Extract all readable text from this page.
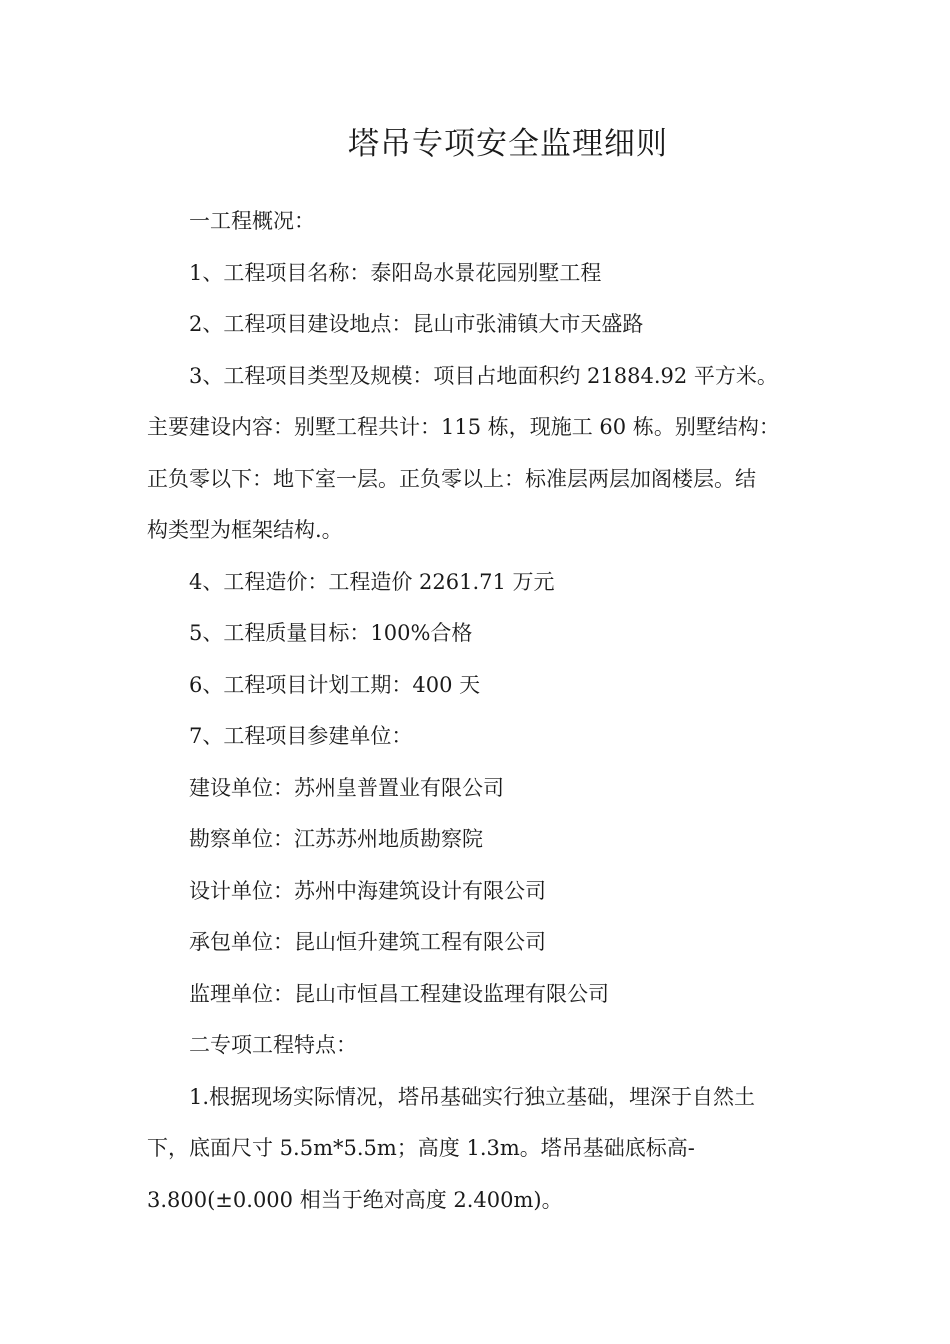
塔吊专项安全监理细则

一工程概况：

1、工程项目名称：泰阳岛水景花园别墅工程

2、工程项目建设地点：昆山市张浦镇大市天盛路

3、工程项目类型及规模：项目占地面积约 21884.92 平方米。

主要建设内容：别墅工程共计：115 栋，现施工 60 栋。别墅结构：

正负零以下：地下室一层。正负零以上：标准层两层加阁楼层。结

构类型为框架结构.。

4、工程造价：工程造价 2261.71 万元

5、工程质量目标：100%合格

6、工程项目计划工期：400 天

7、工程项目参建单位：

建设单位：苏州皇普置业有限公司

勘察单位：江苏苏州地质勘察院

设计单位：苏州中海建筑设计有限公司

承包单位：昆山恒升建筑工程有限公司

监理单位：昆山市恒昌工程建设监理有限公司

二专项工程特点：

1.根据现场实际情况，塔吊基础实行独立基础，埋深于自然土

下，底面尺寸 5.5m*5.5m；高度 1.3m。塔吊基础底标高-

3.800(±0.000 相当于绝对高度 2.400m)。
